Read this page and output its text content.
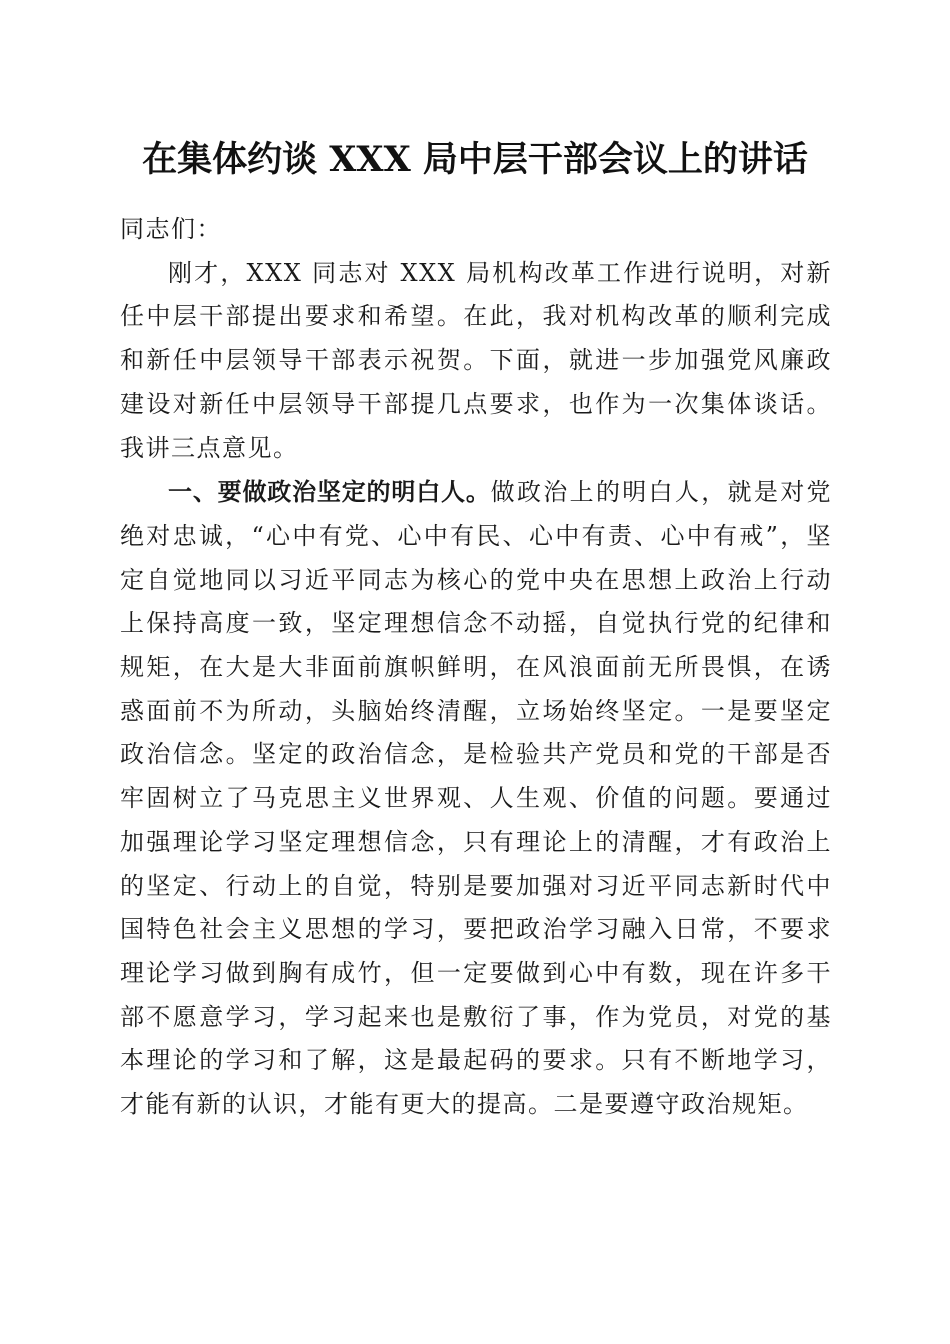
在集体约谈 XXX 局中层干部会议上的讲话

同志们：

刚才，XXX 同志对 XXX 局机构改革工作进行说明，对新任中层干部提出要求和希望。在此，我对机构改革的顺利完成和新任中层领导干部表示祝贺。下面，就进一步加强党风廉政建设对新任中层领导干部提几点要求，也作为一次集体谈话。我讲三点意见。

一、要做政治坚定的明白人。做政治上的明白人，就是对党绝对忠诚，“心中有党、心中有民、心中有责、心中有戒”，坚定自觉地同以习近平同志为核心的党中央在思想上政治上行动上保持高度一致，坚定理想信念不动摇，自觉执行党的纪律和规矩，在大是大非面前旗帜鲜明，在风浪面前无所畏惧，在诱惑面前不为所动，头脑始终清醒，立场始终坚定。一是要坚定政治信念。坚定的政治信念，是检验共产党员和党的干部是否牢固树立了马克思主义世界观、人生观、价值的问题。要通过加强理论学习坚定理想信念，只有理论上的清醒，才有政治上的坚定、行动上的自觉，特别是要加强对习近平同志新时代中国特色社会主义思想的学习，要把政治学习融入日常，不要求理论学习做到胸有成竹，但一定要做到心中有数，现在许多干部不愿意学习，学习起来也是敷衍了事，作为党员，对党的基本理论的学习和了解，这是最起码的要求。只有不断地学习，才能有新的认识，才能有更大的提高。二是要遵守政治规矩。
